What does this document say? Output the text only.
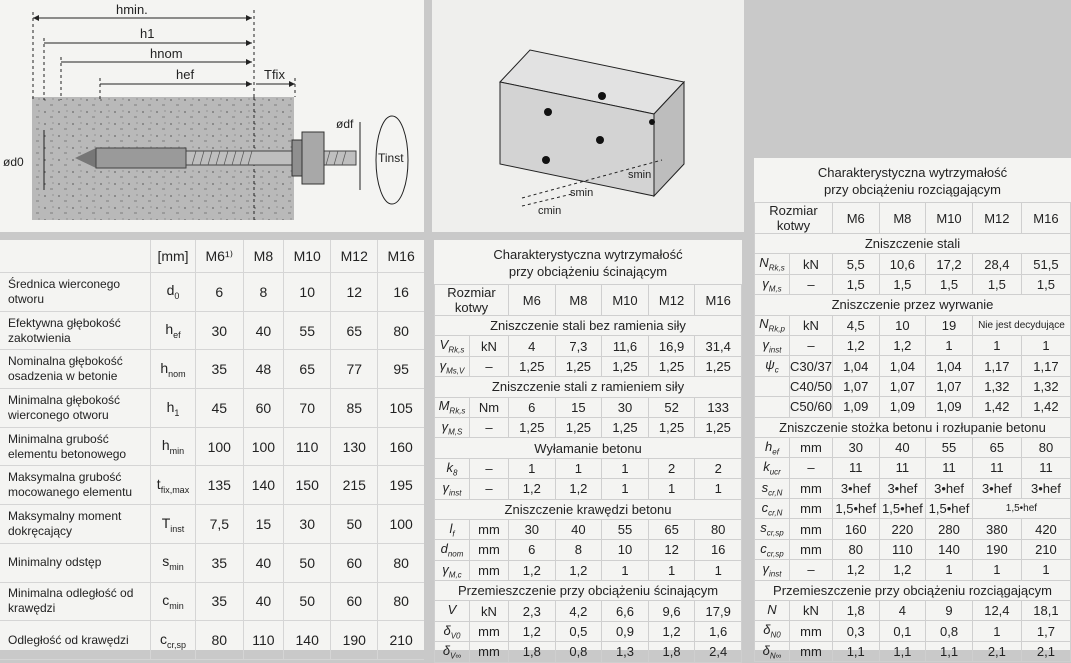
hmin.
h1
hnom
hef	Tfix
ød0
ødf
Tinst
smin
smin
cmin
	[mm]	M6¹⁾	M8	M10	M12	M16
Średnica wierconego otworu	$d_0$	6	8	10	12	16
Efektywna głębokość zakotwienia	$h_{ef}$	30	40	55	65	80
Nominalna głębokość osadzenia w betonie	$h_{nom}$	35	48	65	77	95
Minimalna głębokość wierconego otworu	$h_1$	45	60	70	85	105
Minimalna grubość elementu betonowego	$h_{min}$	100	100	110	130	160
Maksymalna grubość mocowanego elementu	$t_{fix,max}$	135	140	150	215	195
Maksymalny moment dokręcający	$T_{inst}$	7,5	15	30	50	100
Minimalny odstęp	$s_{min}$	35	40	50	60	80
Minimalna odległość od krawędzi	$c_{min}$	35	40	50	60	80
Odległość od krawędzi	$c_{cr,sp}$	80	110	140	190	210
Charakterystyczna wytrzymałość
przy obciążeniu ścinającym
Rozmiar kotwy		M6	M8	M10	M12	M16
Zniszczenie stali bez ramienia siły						
$V_{Rk,s}$	kN	4	7,3	11,6	16,9	31,4
$\gamma_{Ms,V}$	–	1,25	1,25	1,25	1,25	1,25
Zniszczenie stali z ramieniem siły						
$M_{Rk,s}$	Nm	6	15	30	52	133
$\gamma_{M,S}$	–	1,25	1,25	1,25	1,25	1,25
Wyłamanie betonu						
$k_8$	–	1	1	1	2	2
$\gamma_{inst}$	–	1,2	1,2	1	1	1
Zniszczenie krawędzi betonu						
$l_f$	mm	30	40	55	65	80
$d_{nom}$	mm	6	8	10	12	16
$\gamma_{M,c}$	mm	1,2	1,2	1	1	1
Przemieszczenie przy obciążeniu ścinającym						
V	kN	2,3	4,2	6,6	9,6	17,9
$\delta_{V0}$	mm	1,2	0,5	0,9	1,2	1,6
$\delta_{V\infty}$	mm	1,8	0,8	1,3	1,8	2,4
Charakterystyczna wytrzymałość
przy obciążeniu rozciągającym
Rozmiar kotwy		M6	M8	M10	M12	M16
Zniszczenie stali						
$N_{Rk,s}$	kN	5,5	10,6	17,2	28,4	51,5
$\gamma_{M,s}$	–	1,5	1,5	1,5	1,5	1,5
Zniszczenie przez wyrwanie						
$N_{Rk,p}$	kN	4,5	10	19	Nie jest decydujące	
$\gamma_{inst}$	–	1,2	1,2	1	1	1
$\psi_c$	C30/37	1,04	1,04	1,04	1,17	1,17
	C40/50	1,07	1,07	1,07	1,32	1,32
	C50/60	1,09	1,09	1,09	1,42	1,42
Zniszczenie stożka betonu i rozłupanie betonu						
$h_{ef}$	mm	30	40	55	65	80
$k_{ucr}$	–	11	11	11	11	11
$s_{cr,N}$	mm	3•hef	3•hef	3•hef	3•hef	3•hef
$c_{cr,N}$	mm	1,5•hef	1,5•hef	1,5•hef	1,5•hef	
$s_{cr,sp}$	mm	160	220	280	380	420
$c_{cr,sp}$	mm	80	110	140	190	210
$\gamma_{inst}$	–	1,2	1,2	1	1	1
Przemieszczenie przy obciążeniu rozciągającym						
N	kN	1,8	4	9	12,4	18,1
$\delta_{N0}$	mm	0,3	0,1	0,8	1	1,7
$\delta_{N\infty}$	mm	1,1	1,1	1,1	2,1	2,1
